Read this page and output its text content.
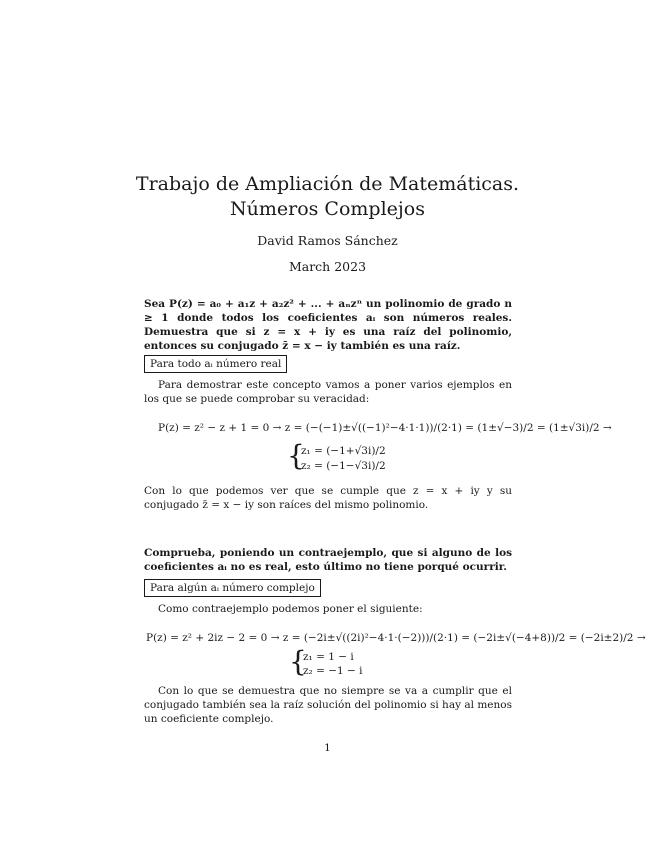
Trabajo de Ampliación de Matemáticas.
Números Complejos
David Ramos Sánchez
March 2023
Sea P(z) = a₀ + a₁z + a₂z² + ... + aₙzⁿ un polinomio de grado n ≥ 1 donde todos los coeficientes aᵢ son números reales. Demuestra que si z = x + iy es una raíz del polinomio, entonces su conjugado z̄ = x − iy también es una raíz.
Para todo aᵢ número real
Para demostrar este concepto vamos a poner varios ejemplos en los que se puede comprobar su veracidad:
P(z) = z² − z + 1 = 0 → z = (−(−1)±√((−1)²−4·1·1))/(2·1) = (1±√−3)/2 = (1±√3i)/2 →
{
z₁ = (−1+√3i)/2
z₂ = (−1−√3i)/2
Con lo que podemos ver que se cumple que z = x + iy y su conjugado z̄ = x − iy son raíces del mismo polinomio.
Comprueba, poniendo un contraejemplo, que si alguno de los coeficientes aᵢ no es real, esto último no tiene porqué ocurrir.
Para algún aᵢ número complejo
Como contraejemplo podemos poner el siguiente:
P(z) = z² + 2iz − 2 = 0 → z = (−2i±√((2i)²−4·1·(−2)))/(2·1) = (−2i±√(−4+8))/2 = (−2i±2)/2 →
{
z₁ = 1 − i
z₂ = −1 − i
Con lo que se demuestra que no siempre se va a cumplir que el conjugado también sea la raíz solución del polinomio si hay al menos un coeficiente complejo.
1
